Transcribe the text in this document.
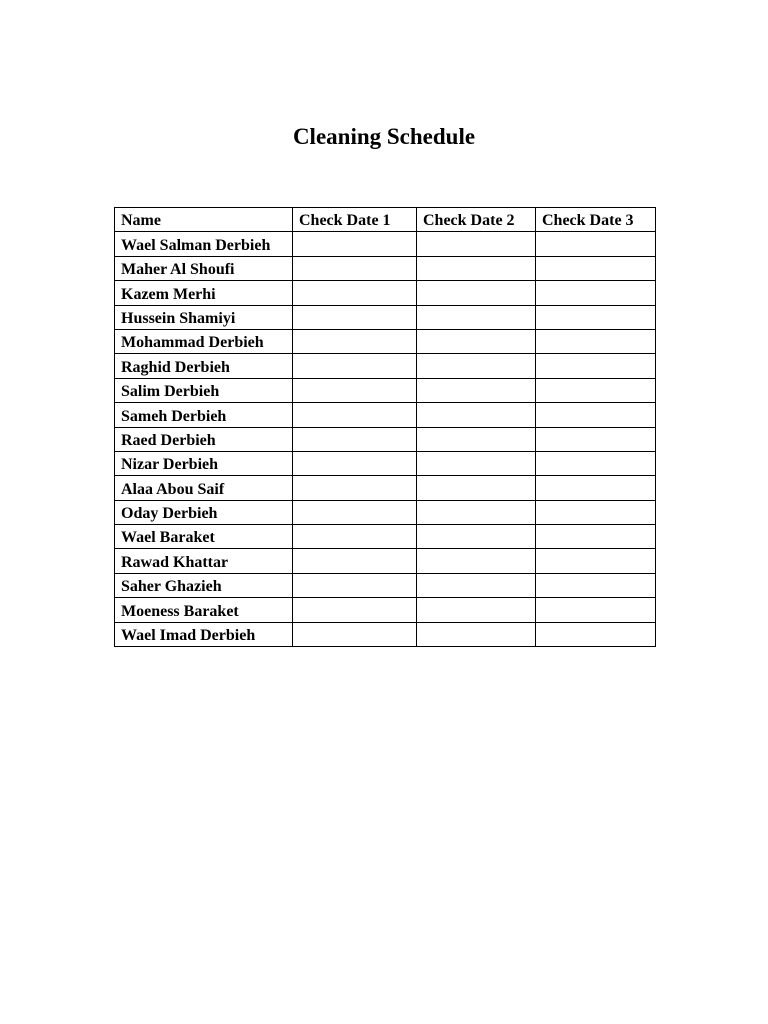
Cleaning Schedule
Name	Check Date 1	Check Date 2	Check Date 3
Wael Salman Derbieh			
Maher Al Shoufi			
Kazem Merhi			
Hussein Shamiyi			
Mohammad Derbieh			
Raghid Derbieh			
Salim Derbieh			
Sameh Derbieh			
Raed Derbieh			
Nizar Derbieh			
Alaa Abou Saif			
Oday Derbieh			
Wael Baraket			
Rawad Khattar			
Saher Ghazieh			
Moeness Baraket			
Wael Imad Derbieh			
